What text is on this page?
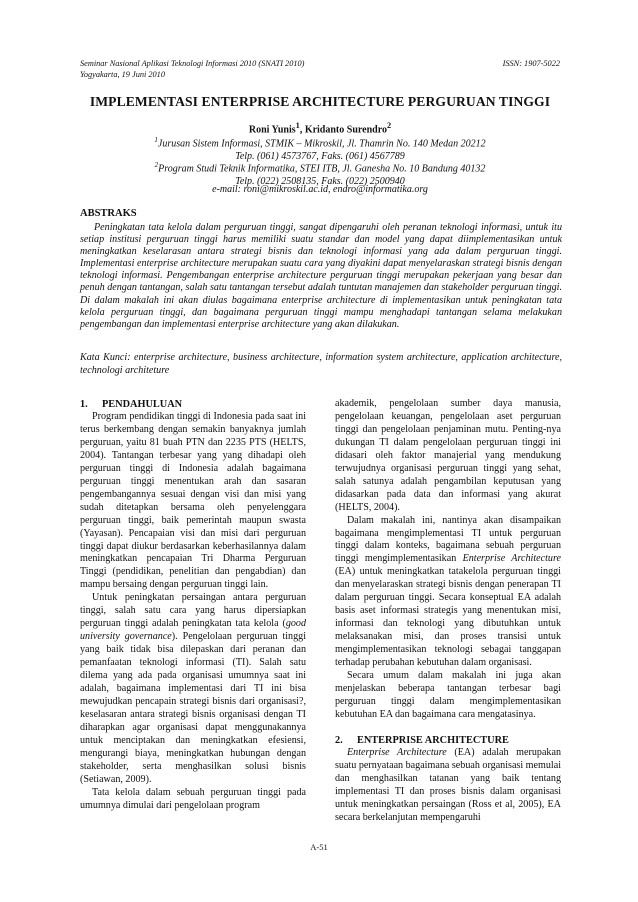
Seminar Nasional Aplikasi Teknologi Informasi 2010 (SNATI 2010)
Yogyakarta, 19 Juni 2010
ISSN: 1907-5022
IMPLEMENTASI ENTERPRISE ARCHITECTURE PERGURUAN TINGGI
Roni Yunis$^1$, Kridanto Surendro$^2$
$^1$Jurusan Sistem Informasi, STMIK – Mikroskil, Jl. Thamrin No. 140 Medan 20212
Telp. (061) 4573767, Faks. (061) 4567789
$^2$Program Studi Teknik Informatika, STEI ITB, Jl. Ganesha No. 10 Bandung 40132
Telp. (022) 2508135, Faks. (022) 2500940
e-mail: roni@mikroskil.ac.id, endro@informatika.org
ABSTRAKS

Peningkatan tata kelola dalam perguruan tinggi, sangat dipengaruhi oleh peranan teknologi informasi, untuk itu setiap institusi perguruan tinggi harus memiliki suatu standar dan model yang dapat diimplementasikan untuk meningkatkan keselarasan antara strategi bisnis dan teknologi informasi yang ada dalam perguruan tinggi. Implementasi enterprise architecture merupakan suatu cara yang diyakini dapat menyelaraskan strategi bisnis dengan teknologi informasi. Pengembangan enterprise architecture perguruan tinggi merupakan pekerjaan yang besar dan penuh dengan tantangan, salah satu tantangan tersebut adalah tuntutan manajemen dan stakeholder perguruan tinggi. Di dalam makalah ini akan diulas bagaimana enterprise architecture di implementasikan untuk peningkatan tata kelola perguruan tinggi, dan bagaimana perguruan tinggi mampu menghadapi tantangan selama melakukan pengembangan dan implementasi enterprise architecture yang akan dilakukan.

Kata Kunci: enterprise architecture, business architecture, information system architecture, application architecture, technologi architeture

1. PENDAHULUAN

Program pendidikan tinggi di Indonesia pada saat ini terus berkembang dengan semakin banyaknya jumlah perguruan, yaitu 81 buah PTN dan 2235 PTS (HELTS, 2004). Tantangan terbesar yang yang dihadapi oleh perguruan tinggi di Indonesia adalah bagaimana perguruan tinggi menentukan arah dan sasaran pengembangannya sesuai dengan visi dan misi yang sudah ditetapkan bersama oleh penyelenggara perguruan tinggi, baik pemerintah maupun swasta (Yayasan). Pencapaian visi dan misi dari perguruan tinggi dapat diukur berdasarkan keberhasilannya dalam meningkatkan pencapaian Tri Dharma Perguruan Tinggi (pendidikan, penelitian dan pengabdian) dan mampu bersaing dengan perguruan tinggi lain.

Untuk peningkatan persaingan antara perguruan tinggi, salah satu cara yang harus dipersiapkan perguruan tinggi adalah peningkatan tata kelola (good university governance). Pengelolaan perguruan tinggi yang baik tidak bisa dilepaskan dari peranan dan pemanfaatan teknologi informasi (TI). Salah satu dilema yang ada pada organisasi umumnya saat ini adalah, bagaimana implementasi dari TI ini bisa mewujudkan pencapain strategi bisnis dari organisasi?, keselasaran antara strategi bisnis organisasi dengan TI diharapkan agar organisasi dapat menggunakannya untuk menciptakan dan meningkatkan efesiensi, mengurangi biaya, meningkatkan hubungan dengan stakeholder, serta menghasilkan solusi bisnis (Setiawan, 2009).

Tata kelola dalam sebuah perguruan tinggi pada umumnya dimulai dari pengelolaan program

akademik, pengelolaan sumber daya manusia, pengelolaan keuangan, pengelolaan aset perguruan tinggi dan pengelolaan penjaminan mutu. Penting-nya dukungan TI dalam pengelolaan perguruan tinggi ini didasari oleh faktor manajerial yang mendukung terwujudnya organisasi perguruan tinggi yang sehat, salah satunya adalah pengambilan keputusan yang didasarkan pada data dan informasi yang akurat (HELTS, 2004).

Dalam makalah ini, nantinya akan disampaikan bagaimana mengimplementasi TI untuk perguruan tinggi dalam konteks, bagaimana sebuah perguruan tinggi mengimplementasikan Enterprise Architecture (EA) untuk meningkatkan tatakelola perguruan tinggi dan menyelaraskan strategi bisnis dengan penerapan TI dalam perguruan tinggi. Secara konseptual EA adalah basis aset informasi strategis yang menentukan misi, informasi dan teknologi yang dibutuhkan untuk melaksanakan misi, dan proses transisi untuk mengimplementasikan teknologi sebagai tanggapan terhadap perubahan kebutuhan dalam organisasi.

Secara umum dalam makalah ini juga akan menjelaskan beberapa tantangan terbesar bagi perguruan tinggi dalam mengimplementasikan kebutuhan EA dan bagaimana cara mengatasinya.

2. ENTERPRISE ARCHITECTURE

Enterprise Architecture (EA) adalah merupakan suatu pernyataan bagaimana sebuah organisasi memulai dan menghasilkan tatanan yang baik tentang implementasi TI dan proses bisnis dalam organisasi untuk meningkatkan persaingan (Ross et al, 2005), EA secara berkelanjutan mempengaruhi

A-51
